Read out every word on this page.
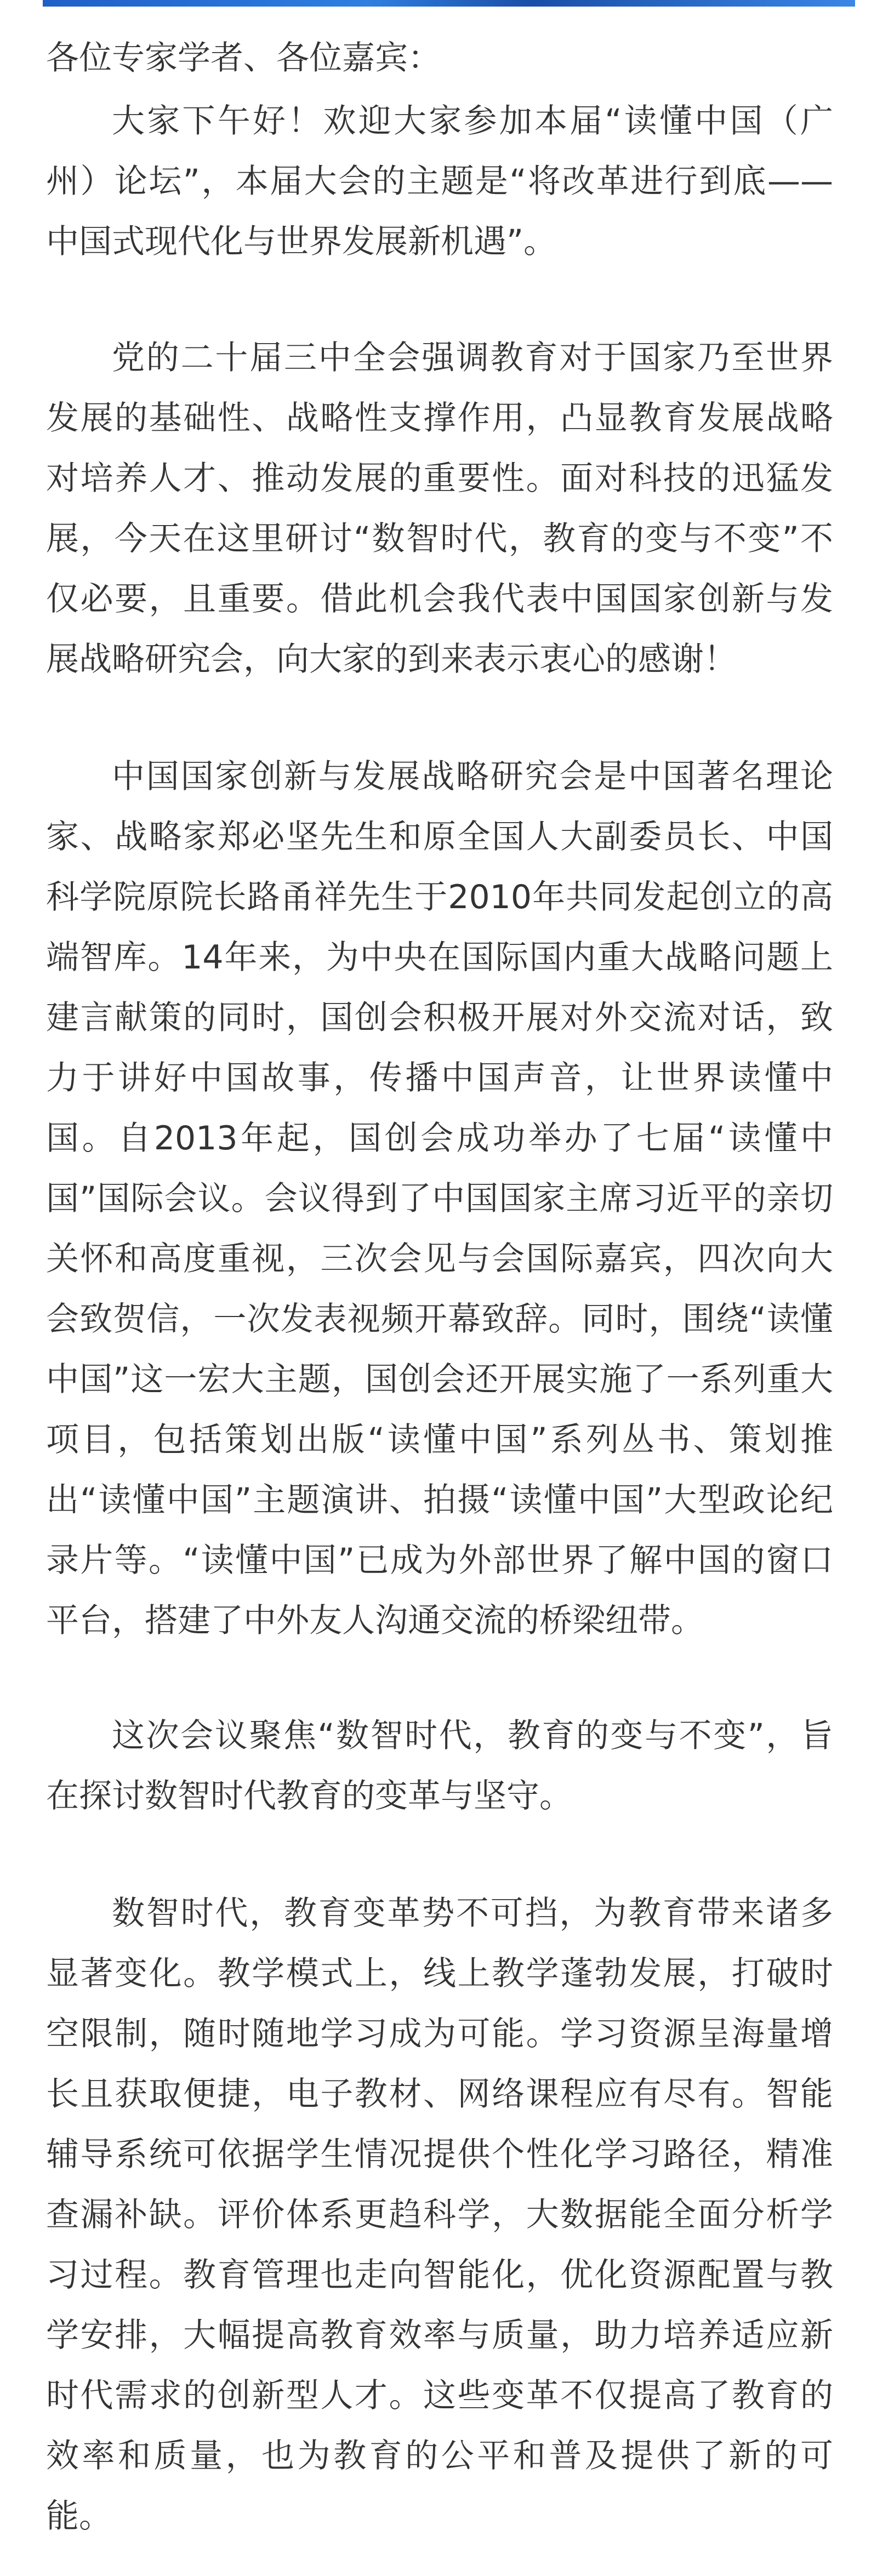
各位专家学者、各位嘉宾：

大家下午好！欢迎大家参加本届“读懂中国（广州）论坛”，本届大会的主题是“将改革进行到底——中国式现代化与世界发展新机遇”。

党的二十届三中全会强调教育对于国家乃至世界发展的基础性、战略性支撑作用，凸显教育发展战略对培养人才、推动发展的重要性。面对科技的迅猛发展，今天在这里研讨“数智时代，教育的变与不变”不仅必要，且重要。借此机会我代表中国国家创新与发展战略研究会，向大家的到来表示衷心的感谢！

中国国家创新与发展战略研究会是中国著名理论家、战略家郑必坚先生和原全国人大副委员长、中国科学院原院长路甬祥先生于2010年共同发起创立的高端智库。14年来，为中央在国际国内重大战略问题上建言献策的同时，国创会积极开展对外交流对话，致力于讲好中国故事，传播中国声音，让世界读懂中国。自2013年起，国创会成功举办了七届“读懂中国”国际会议。会议得到了中国国家主席习近平的亲切关怀和高度重视，三次会见与会国际嘉宾，四次向大会致贺信，一次发表视频开幕致辞。同时，围绕“读懂中国”这一宏大主题，国创会还开展实施了一系列重大项目，包括策划出版“读懂中国”系列丛书、策划推出“读懂中国”主题演讲、拍摄“读懂中国”大型政论纪录片等。“读懂中国”已成为外部世界了解中国的窗口平台，搭建了中外友人沟通交流的桥梁纽带。

这次会议聚焦“数智时代，教育的变与不变”，旨在探讨数智时代教育的变革与坚守。

数智时代，教育变革势不可挡，为教育带来诸多显著变化。教学模式上，线上教学蓬勃发展，打破时空限制，随时随地学习成为可能。学习资源呈海量增长且获取便捷，电子教材、网络课程应有尽有。智能辅导系统可依据学生情况提供个性化学习路径，精准查漏补缺。评价体系更趋科学，大数据能全面分析学习过程。教育管理也走向智能化，优化资源配置与教学安排，大幅提高教育效率与质量，助力培养适应新时代需求的创新型人才。这些变革不仅提高了教育的效率和质量，也为教育的公平和普及提供了新的可能。
